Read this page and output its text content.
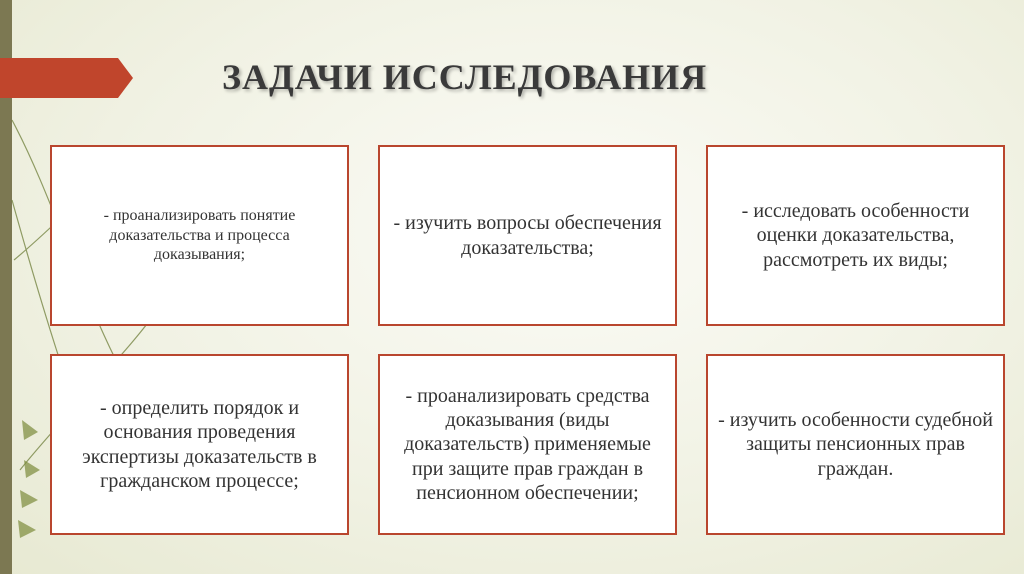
ЗАДАЧИ ИССЛЕДОВАНИЯ
- проанализировать понятие доказательства и процесса доказывания;
- изучить вопросы обеспечения доказательства;
- исследовать особенности оценки доказательства, рассмотреть их виды;
- определить порядок и основания проведения экспертизы доказательств в гражданском процессе;
- проанализировать средства доказывания (виды доказательств) применяемые при защите прав граждан в пенсионном обеспечении;
- изучить особенности судебной защиты пенсионных прав граждан.
